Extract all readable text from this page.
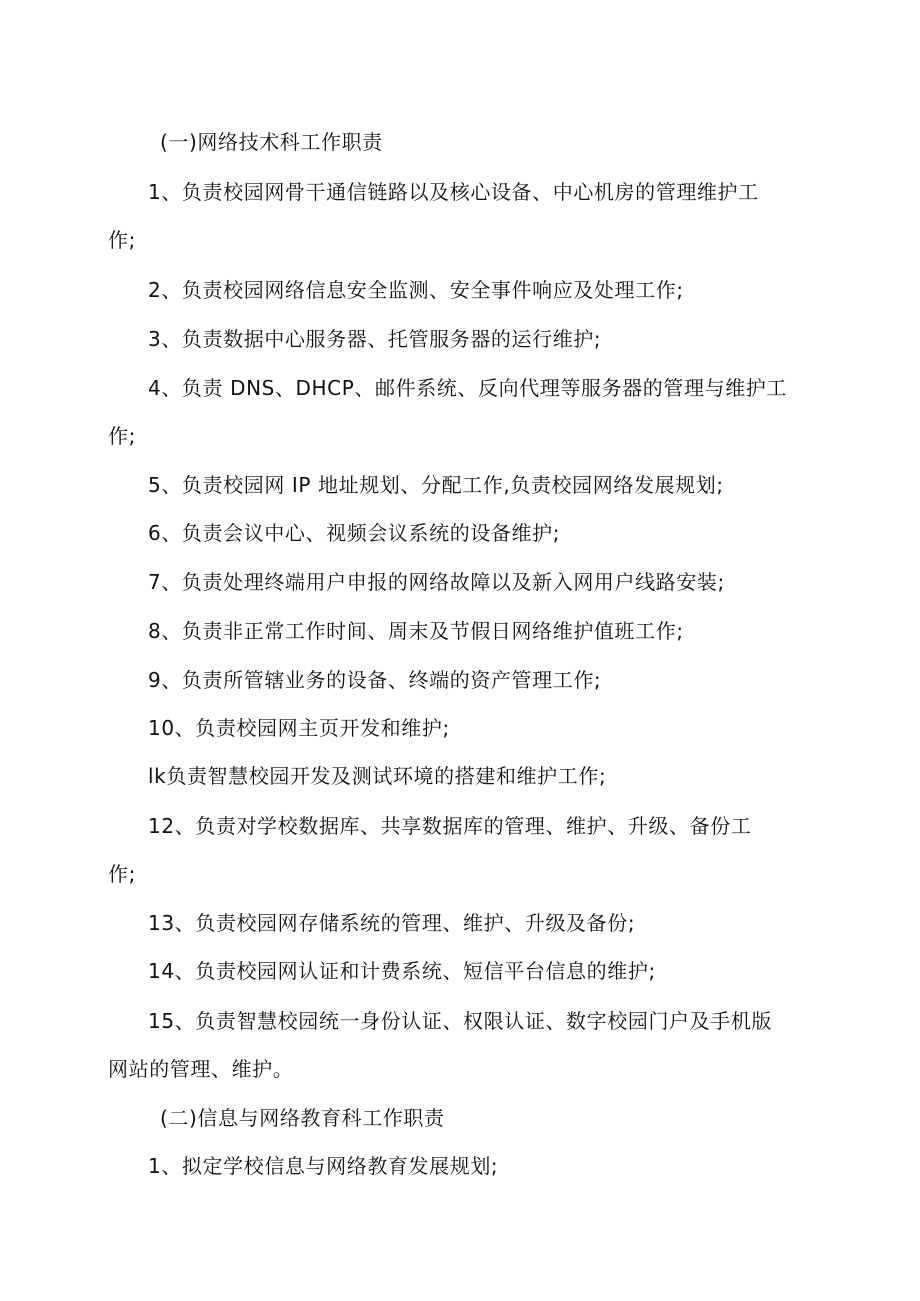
(一)网络技术科工作职责
1、负责校园网骨干通信链路以及核心设备、中心机房的管理维护工
作;
2、负责校园网络信息安全监测、安全事件响应及处理工作;
3、负责数据中心服务器、托管服务器的运行维护;
4、负责 DNS、DHCP、邮件系统、反向代理等服务器的管理与维护工
作;
5、负责校园网 IP 地址规划、分配工作,负责校园网络发展规划;
6、负责会议中心、视频会议系统的设备维护;
7、负责处理终端用户申报的网络故障以及新入网用户线路安装;
8、负责非正常工作时间、周末及节假日网络维护值班工作;
9、负责所管辖业务的设备、终端的资产管理工作;
10、负责校园网主页开发和维护;
lk负责智慧校园开发及测试环境的搭建和维护工作;
12、负责对学校数据库、共享数据库的管理、维护、升级、备份工
作;
13、负责校园网存储系统的管理、维护、升级及备份;
14、负责校园网认证和计费系统、短信平台信息的维护;
15、负责智慧校园统一身份认证、权限认证、数字校园门户及手机版
网站的管理、维护。
(二)信息与网络教育科工作职责
1、拟定学校信息与网络教育发展规划;
